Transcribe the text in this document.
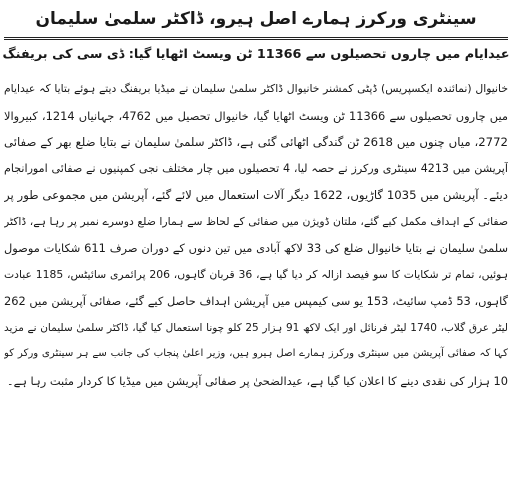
سینٹری ورکرز ہمارے اصل ہیرو، ڈاکٹر سلمیٰ سلیمان
عیدایام میں چاروں تحصیلوں سے 11366 ٹن ویسٹ اٹھایا گیا: ڈی سی کی بریفنگ
خانیوال (نمائندہ ایکسپریس) ڈپٹی کمشنر خانیوال ڈاکٹر سلمیٰ سلیمان نے میڈیا بریفنگ دیتے ہوئے بتایا کہ عیدایام
میں چاروں تحصیلوں سے 11366 ٹن ویسٹ اٹھایا گیا، خانیوال تحصیل میں 4762، جہانیاں 1214، کبیروالا
2772، میاں چنوں میں 2618 ٹن گندگی اٹھائی گئی ہے، ڈاکٹر سلمیٰ سلیمان نے بتایا ضلع بھر کے صفائی
آپریشن میں 4213 سینٹری ورکرز نے حصہ لیا، 4 تحصیلوں میں چار مختلف نجی کمپنیوں نے صفائی امورانجام
دیئے۔ آپریشن میں 1035 گاڑیوں، 1622 دیگر آلات استعمال میں لائے گئے، آپریشن میں مجموعی طور پر
صفائی کے اہداف مکمل کیے گئے، ملتان ڈویژن میں صفائی کے لحاظ سے ہمارا ضلع دوسرے نمبر پر رہا ہے، ڈاکٹر
سلمیٰ سلیمان نے بتایا خانیوال ضلع کی 33 لاکھ آبادی میں تین دنوں کے دوران صرف 611 شکایات موصول
ہوئیں، تمام تر شکایات کا سو فیصد ازالہ کر دیا گیا ہے، 36 قربان گاہوں، 206 پرائمری سائیٹس، 1185 عبادت
گاہوں، 53 ڈمپ سائیٹ، 153 یو سی کیمپس میں آپریشن اہداف حاصل کیے گئے، صفائی آپریشن میں 262
لیٹر عرق گلاب، 1740 لیٹر فرنائل اور ایک لاکھ 91 ہزار 25 کلو چونا استعمال کیا گیا، ڈاکٹر سلمیٰ سلیمان نے مزید
کہا کہ صفائی آپریشن میں سینٹری ورکرز ہمارے اصل ہیرو ہیں، وزیر اعلیٰ پنجاب کی جانب سے ہر سینٹری ورکر کو
10 ہزار کی نقدی دینے کا اعلان کیا گیا ہے، عیدالضحیٰ پر صفائی آپریشن میں میڈیا کا کردار مثبت رہا ہے۔
